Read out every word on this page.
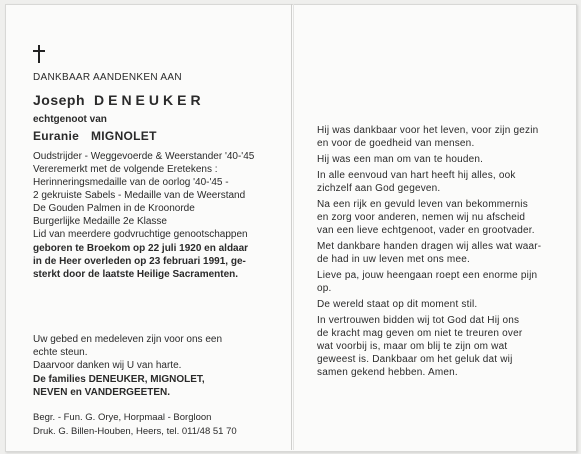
DANKBAAR AANDENKEN AAN
Joseph DENEUKER
echtgenoot van
Euranie MIGNOLET
Oudstrijder - Weggevoerde & Weerstander '40-'45
Vereremerkt met de volgende Eretekens :
Herinneringsmedaille van de oorlog '40-'45 -
2 gekruiste Sabels - Medaille van de Weerstand
De Gouden Palmen in de Kroonorde
Burgerlijke Medaille 2e Klasse
Lid van meerdere godvruchtige genootschappen
geboren te Broekom op 22 juli 1920 en aldaar
in de Heer overleden op 23 februari 1991, ge-
sterkt door de laatste Heilige Sacramenten.
Uw gebed en medeleven zijn voor ons een
echte steun.
Daarvoor danken wij U van harte.
De families DENEUKER, MIGNOLET,
NEVEN en VANDERGEETEN.
Begr. - Fun. G. Orye, Horpmaal - Borgloon
Druk. G. Billen-Houben, Heers, tel. 011/48 51 70
Hij was dankbaar voor het leven, voor zijn gezin
en voor de goedheid van mensen.
Hij was een man om van te houden.
In alle eenvoud van hart heeft hij alles, ook
zichzelf aan God gegeven.
Na een rijk en gevuld leven van bekommernis
en zorg voor anderen, nemen wij nu afscheid
van een lieve echtgenoot, vader en grootvader.
Met dankbare handen dragen wij alles wat waar-
de had in uw leven met ons mee.
Lieve pa, jouw heengaan roept een enorme pijn
op.
De wereld staat op dit moment stil.
In vertrouwen bidden wij tot God dat Hij ons
de kracht mag geven om niet te treuren over
wat voorbij is, maar om blij te zijn om wat
geweest is. Dankbaar om het geluk dat wij
samen gekend hebben. Amen.
